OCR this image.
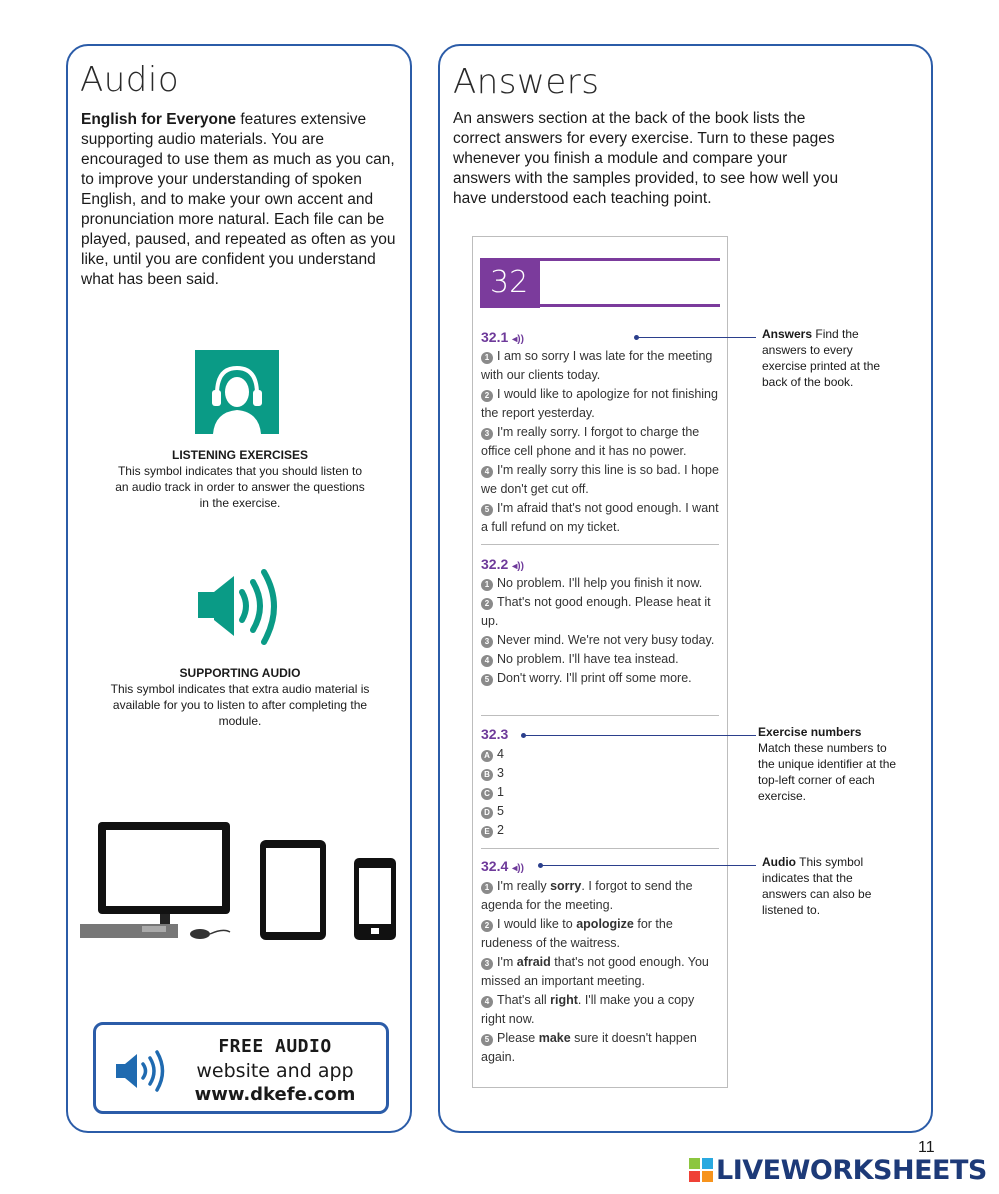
Audio

English for Everyone features extensive supporting audio materials. You are encouraged to use them as much as you can, to improve your understanding of spoken English, and to make your own accent and pronunciation more natural. Each file can be played, paused, and repeated as often as you like, until you are confident you understand what has been said.

LISTENING EXERCISES
This symbol indicates that you should listen to an audio track in order to answer the questions in the exercise.
SUPPORTING AUDIO
This symbol indicates that extra audio material is available for you to listen to after completing the module.
FREE AUDIO
website and app
www.dkefe.com
Answers

An answers section at the back of the book lists the correct answers for every exercise. Turn to these pages whenever you finish a module and compare your answers with the samples provided, to see how well you have understood each teaching point.

32
32.1 ◂))
1 I am so sorry I was late for the meeting with our clients today.
2 I would like to apologize for not finishing the report yesterday.
3 I'm really sorry. I forgot to charge the office cell phone and it has no power.
4 I'm really sorry this line is so bad. I hope we don't get cut off.
5 I'm afraid that's not good enough. I want a full refund on my ticket.
32.2 ◂))
1 No problem. I'll help you finish it now.
2 That's not good enough. Please heat it up.
3 Never mind. We're not very busy today.
4 No problem. I'll have tea instead.
5 Don't worry. I'll print off some more.
32.3
A 4
B 3
C 1
D 5
E 2
32.4 ◂))
1 I'm really sorry. I forgot to send the agenda for the meeting.
2 I would like to apologize for the rudeness of the waitress.
3 I'm afraid that's not good enough. You missed an important meeting.
4 That's all right. I'll make you a copy right now.
5 Please make sure it doesn't happen again.
Answers Find the answers to every exercise printed at the back of the book.
Exercise numbers
Match these numbers to the unique identifier at the top-left corner of each exercise.
Audio This symbol indicates that the answers can also be listened to.
11
LIVEWORKSHEETS
